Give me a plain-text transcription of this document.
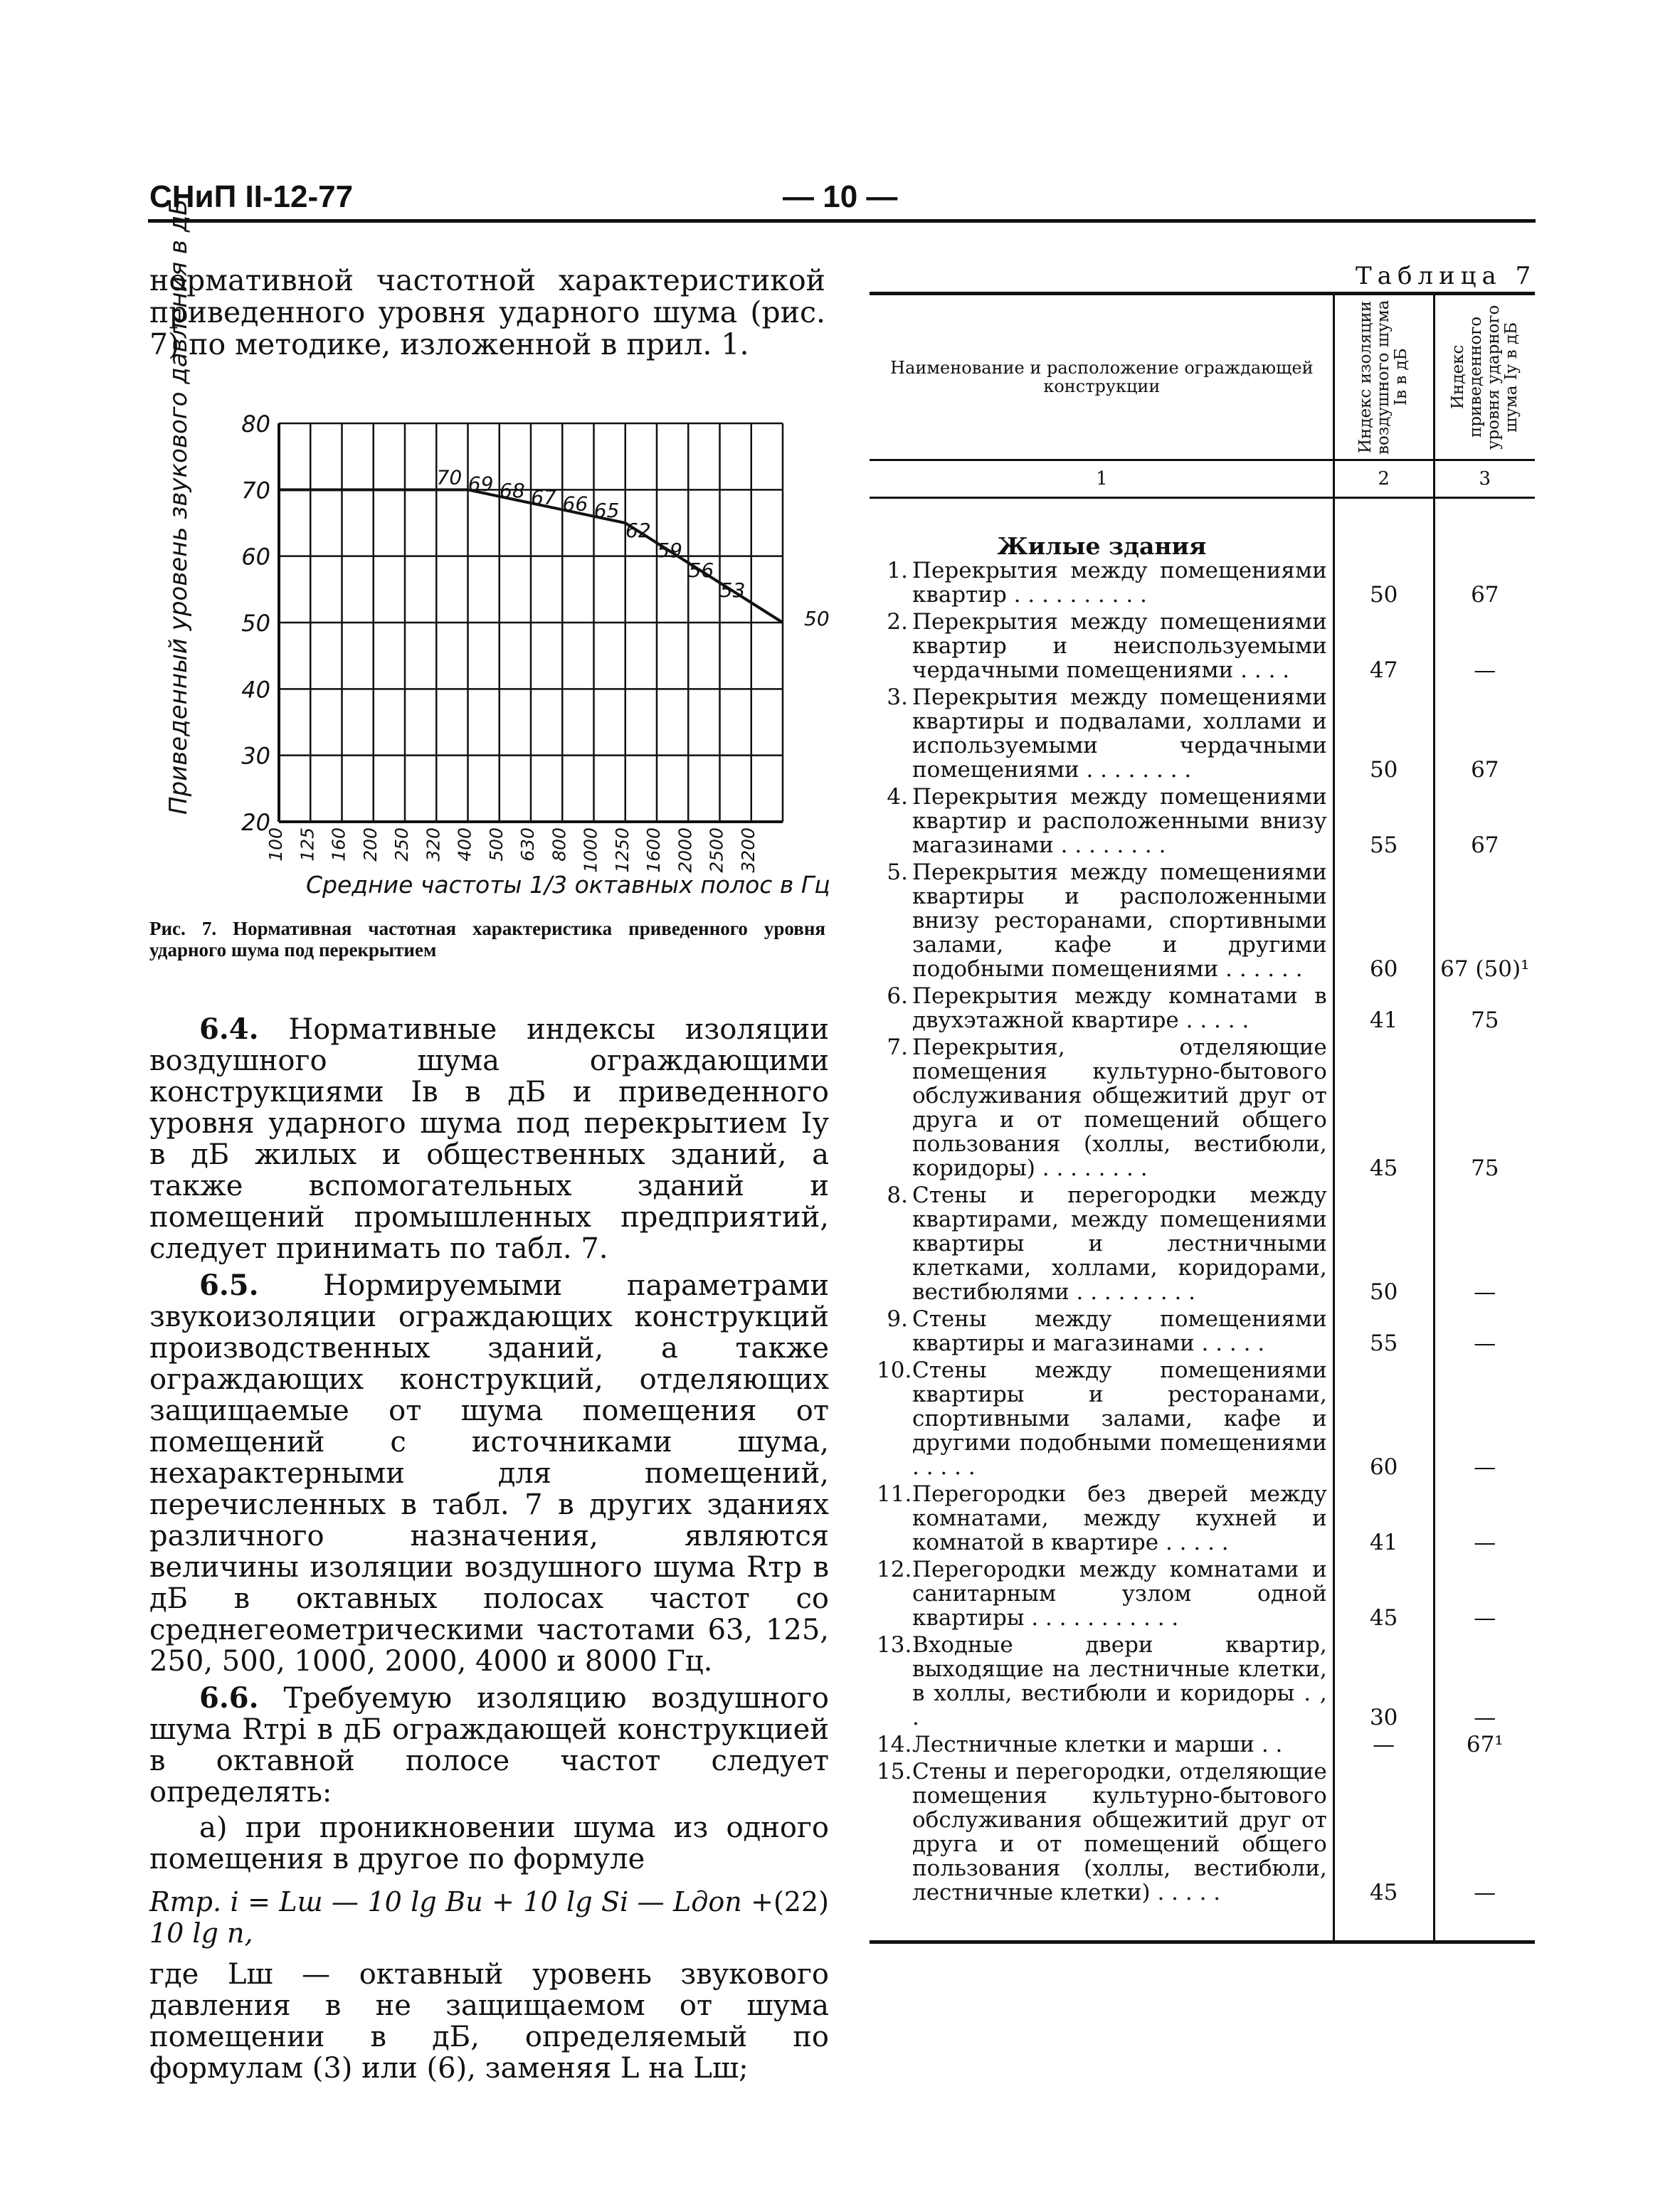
СНиП II-12-77	— 10 —
нормативной частотной характеристикой приведенного уровня ударного шума (рис. 7) по методике, изложенной в прил. 1.
80
70
60
50
40
30
20
100 125 160 200 250 320 400 500 630 800 1000 1250 1600 2000 2500 3200
70 69 68 67 66 65
62
59
56
53
50
Приведенный уровень звукового давления в дБ
Средние частоты 1/3 октавных полос в Гц
Рис. 7. Нормативная частотная характеристика приведенного уровня ударного шума под перекрытием

6.4. Нормативные индексы изоляции воздушного шума ограждающими конструкциями Iв в дБ и приведенного уровня ударного шума под перекрытием Iу в дБ жилых и общественных зданий, а также вспомогательных зданий и помещений промышленных предприятий, следует принимать по табл. 7.

6.5. Нормируемыми параметрами звукоизоляции ограждающих конструкций производственных зданий, а также ограждающих конструкций, отделяющих защищаемые от шума помещения от помещений с источниками шума, нехарактерными для помещений, перечисленных в табл. 7 в других зданиях различного назначения, являются величины изоляции воздушного шума Rтр в дБ в октавных полосах частот со среднегеометрическими частотами 63, 125, 250, 500, 1000, 2000, 4000 и 8000 Гц.

6.6. Требуемую изоляцию воздушного шума Rтрi в дБ ограждающей конструкцией в октавной полосе частот следует определять:

а) при проникновении шума из одного помещения в другое по формуле

Rтр. i = Lш — 10 lg Bи + 10 lg Si — Lдоп + 10 lg n,
(22)

где Lш — октавный уровень звукового давления в не защищаемом от шума помещении в дБ, определяемый по формулам (3) или (6), заменяя L на Lш;

Таблица 7
Наименование и расположение ограждающей конструкции	Индекс изоляции воздушного шума Iв в дБ	Индекс приведенного уровня ударного шума Iу в дБ

1	2	3
Жилые здания		

1. Перекрытия между помещениями квартир . . . . . . . . . .	50	67

2. Перекрытия между помещениями квартир и неиспользуемыми чердачными помещениями . . . .	47	—

3. Перекрытия между помещениями квартиры и подвалами, холлами и используемыми чердачными помещениями . . . . . . . .	50	67

4. Перекрытия между помещениями квартир и расположенными внизу магазинами . . . . . . . .	55	67

5. Перекрытия между помещениями квартиры и расположенными внизу ресторанами, спортивными залами, кафе и другими подобными помещениями . . . . . .	60	67 (50)¹

6. Перекрытия между комнатами в двухэтажной квартире . . . . .	41	75

7. Перекрытия, отделяющие помещения культурно-бытового обслуживания общежитий друг от друга и от помещений общего пользования (холлы, вестибюли, коридоры) . . . . . . . .	45	75

8. Стены и перегородки между квартирами, между помещениями квартиры и лестничными клетками, холлами, коридорами, вестибюлями . . . . . . . . .	50	—

9. Стены между помещениями квартиры и магазинами . . . . .	55	—

10. Стены между помещениями квартиры и ресторанами, спортивными залами, кафе и другими подобными помещениями . . . . .	60	—

11. Перегородки без дверей между комнатами, между кухней и комнатой в квартире . . . . .	41	—

12. Перегородки между комнатами и санитарным узлом одной квартиры . . . . . . . . . . .	45	—

13. Входные двери квартир, выходящие на лестничные клетки, в холлы, вестибюли и коридоры . , .	30	—

14. Лестничные клетки и марши . .	—	67¹

15. Стены и перегородки, отделяющие помещения культурно-бытового обслуживания общежитий друг от друга и от помещений общего пользования (холлы, вестибюли, лестничные клетки) . . . . .	45	—
